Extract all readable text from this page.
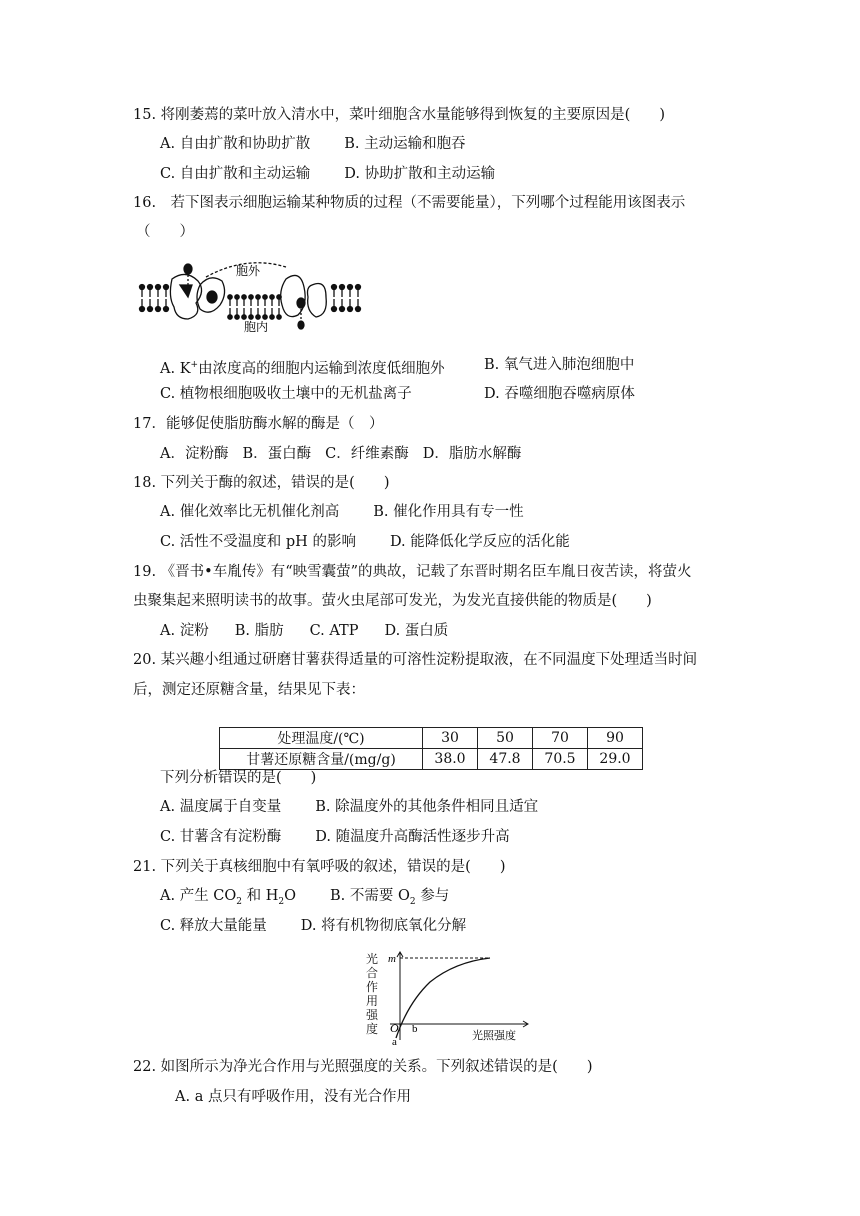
15. 将刚萎蔫的菜叶放入清水中，菜叶细胞含水量能够得到恢复的主要原因是(　　)
A. 自由扩散和协助扩散 B. 主动运输和胞吞
C. 自由扩散和主动运输 D. 协助扩散和主动运输
16.　若下图表示细胞运输某种物质的过程（不需要能量），下列哪个过程能用该图表示
（　　）
胞外
胞内
A. K+由浓度高的细胞内运输到浓度低细胞外	B. 氧气进入肺泡细胞中
C. 植物根细胞吸收土壤中的无机盐离子	D. 吞噬细胞吞噬病原体
17．能够促使脂肪酶水解的酶是（　）
A．淀粉酶 B．蛋白酶 C．纤维素酶 D．脂肪水解酶
18. 下列关于酶的叙述，错误的是(　　)
A. 催化效率比无机催化剂高 B. 催化作用具有专一性
C. 活性不受温度和 pH 的影响 D. 能降低化学反应的活化能
19. 《晋书•车胤传》有“映雪囊萤”的典故，记载了东晋时期名臣车胤日夜苦读，将萤火
虫聚集起来照明读书的故事。萤火虫尾部可发光，为发光直接供能的物质是(　　)
A. 淀粉 B. 脂肪 C. ATP D. 蛋白质
20. 某兴趣小组通过研磨甘薯获得适量的可溶性淀粉提取液，在不同温度下处理适当时间
后，测定还原糖含量，结果见下表：
处理温度/(℃)	30	50	70	90
甘薯还原糖含量/(mg/g)	38.0	47.8	70.5	29.0
下列分析错误的是(　　)
A. 温度属于自变量 B. 除温度外的其他条件相同且适宜
C. 甘薯含有淀粉酶 D. 随温度升高酶活性逐步升高
21. 下列关于真核细胞中有氧呼吸的叙述，错误的是(　　)
A. 产生 $CO_2$ 和 $H_2O$ B. 不需要 $O_2$ 参与
C. 释放大量能量 D. 将有机物彻底氧化分解
光照强度
m
O b
a
光合作用强度
22. 如图所示为净光合作用与光照强度的关系。下列叙述错误的是(　　)
A. a 点只有呼吸作用，没有光合作用
